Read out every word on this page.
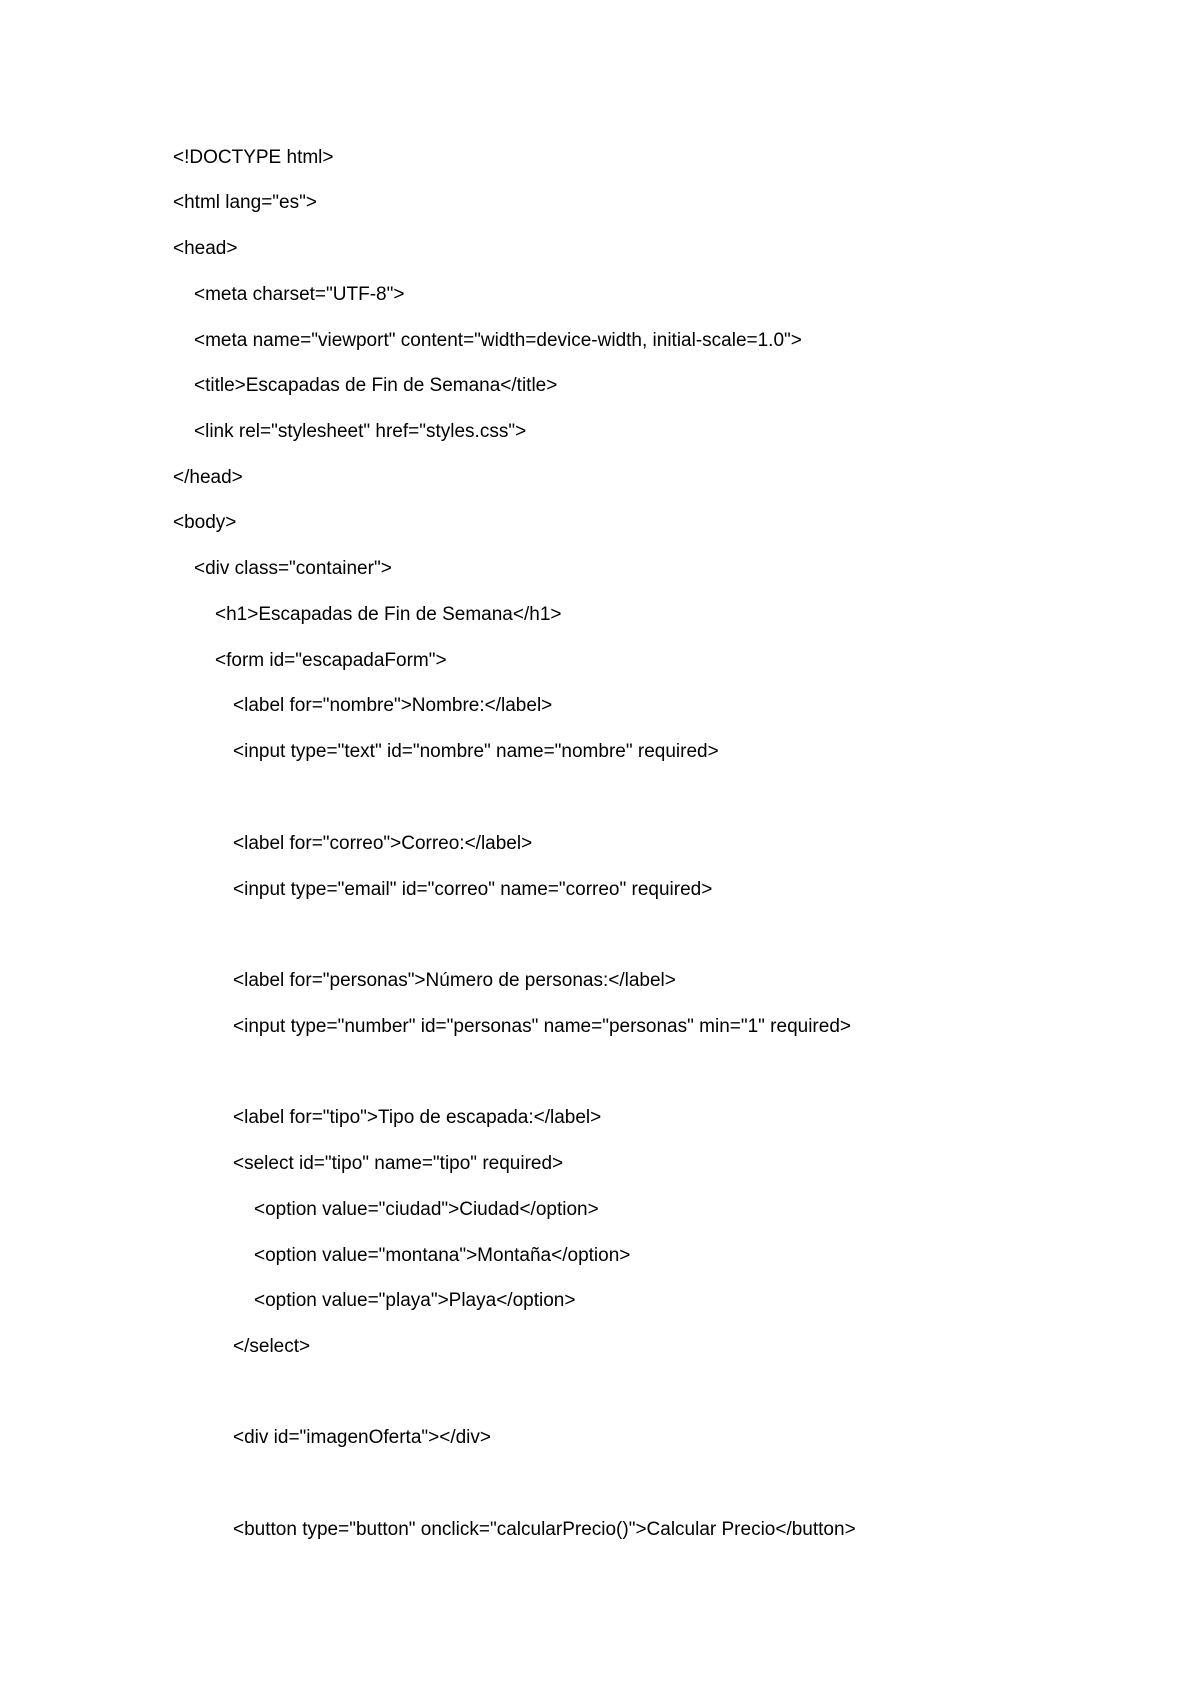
<!DOCTYPE html>
<html lang="es">
<head>
<meta charset="UTF-8">
<meta name="viewport" content="width=device-width, initial-scale=1.0">
<title>Escapadas de Fin de Semana</title>
<link rel="stylesheet" href="styles.css">
</head>
<body>
<div class="container">
<h1>Escapadas de Fin de Semana</h1>
<form id="escapadaForm">
<label for="nombre">Nombre:</label>
<input type="text" id="nombre" name="nombre" required>
<label for="correo">Correo:</label>
<input type="email" id="correo" name="correo" required>
<label for="personas">Número de personas:</label>
<input type="number" id="personas" name="personas" min="1" required>
<label for="tipo">Tipo de escapada:</label>
<select id="tipo" name="tipo" required>
<option value="ciudad">Ciudad</option>
<option value="montana">Montaña</option>
<option value="playa">Playa</option>
</select>
<div id="imagenOferta"></div>
<button type="button" onclick="calcularPrecio()">Calcular Precio</button>
